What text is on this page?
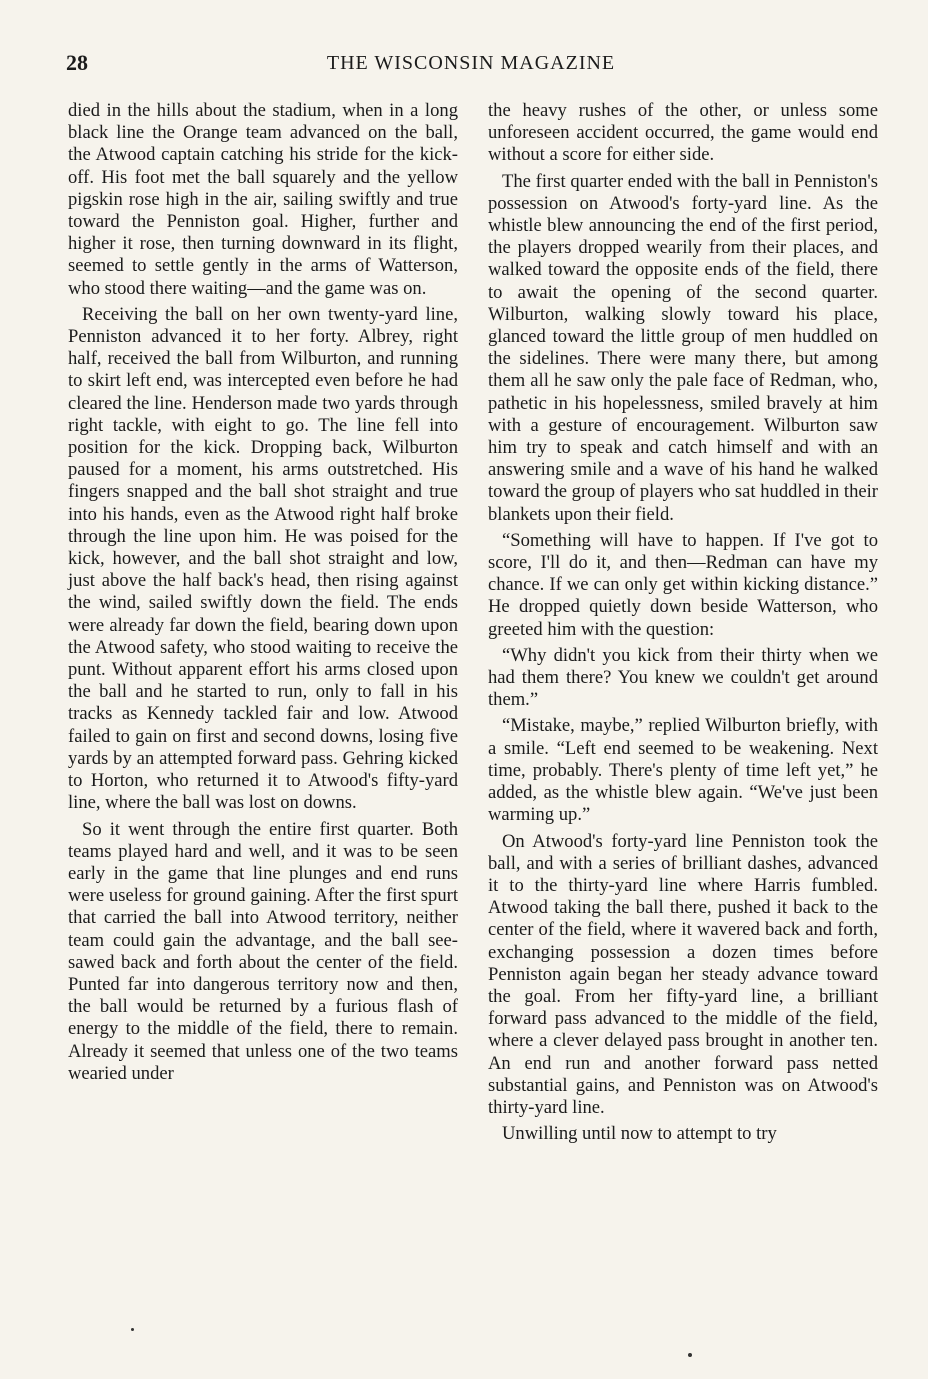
28	THE WISCONSIN MAGAZINE

died in the hills about the stadium, when in a long black line the Orange team advanced on the ball, the Atwood captain catching his stride for the kick-off. His foot met the ball squarely and the yellow pigskin rose high in the air, sailing swiftly and true toward the Penniston goal. Higher, further and higher it rose, then turning downward in its flight, seemed to settle gently in the arms of Watterson, who stood there waiting—and the game was on.

Receiving the ball on her own twenty-yard line, Penniston advanced it to her forty. Albrey, right half, received the ball from Wilburton, and running to skirt left end, was intercepted even before he had cleared the line. Henderson made two yards through right tackle, with eight to go. The line fell into position for the kick. Dropping back, Wilburton paused for a moment, his arms outstretched. His fingers snapped and the ball shot straight and true into his hands, even as the Atwood right half broke through the line upon him. He was poised for the kick, however, and the ball shot straight and low, just above the half back's head, then rising against the wind, sailed swiftly down the field. The ends were already far down the field, bearing down upon the Atwood safety, who stood waiting to receive the punt. Without apparent effort his arms closed upon the ball and he started to run, only to fall in his tracks as Kennedy tackled fair and low. Atwood failed to gain on first and second downs, losing five yards by an attempted forward pass. Gehring kicked to Horton, who returned it to Atwood's fifty-yard line, where the ball was lost on downs.

So it went through the entire first quarter. Both teams played hard and well, and it was to be seen early in the game that line plunges and end runs were useless for ground gaining. After the first spurt that carried the ball into Atwood territory, neither team could gain the advantage, and the ball see-sawed back and forth about the center of the field. Punted far into dangerous territory now and then, the ball would be returned by a furious flash of energy to the middle of the field, there to remain. Already it seemed that unless one of the two teams wearied under

the heavy rushes of the other, or unless some unforeseen accident occurred, the game would end without a score for either side.

The first quarter ended with the ball in Penniston's possession on Atwood's forty-yard line. As the whistle blew announcing the end of the first period, the players dropped wearily from their places, and walked toward the opposite ends of the field, there to await the opening of the second quarter. Wilburton, walking slowly toward his place, glanced toward the little group of men huddled on the sidelines. There were many there, but among them all he saw only the pale face of Redman, who, pathetic in his hopelessness, smiled bravely at him with a gesture of encouragement. Wilburton saw him try to speak and catch himself and with an answering smile and a wave of his hand he walked toward the group of players who sat huddled in their blankets upon their field.

“Something will have to happen. If I've got to score, I'll do it, and then—Redman can have my chance. If we can only get within kicking distance.” He dropped quietly down beside Watterson, who greeted him with the question:

“Why didn't you kick from their thirty when we had them there? You knew we couldn't get around them.”

“Mistake, maybe,” replied Wilburton briefly, with a smile. “Left end seemed to be weakening. Next time, probably. There's plenty of time left yet,” he added, as the whistle blew again. “We've just been warming up.”

On Atwood's forty-yard line Penniston took the ball, and with a series of brilliant dashes, advanced it to the thirty-yard line where Harris fumbled. Atwood taking the ball there, pushed it back to the center of the field, where it wavered back and forth, exchanging possession a dozen times before Penniston again began her steady advance toward the goal. From her fifty-yard line, a brilliant forward pass advanced to the middle of the field, where a clever delayed pass brought in another ten. An end run and another forward pass netted substantial gains, and Penniston was on Atwood's thirty-yard line.

Unwilling until now to attempt to try
